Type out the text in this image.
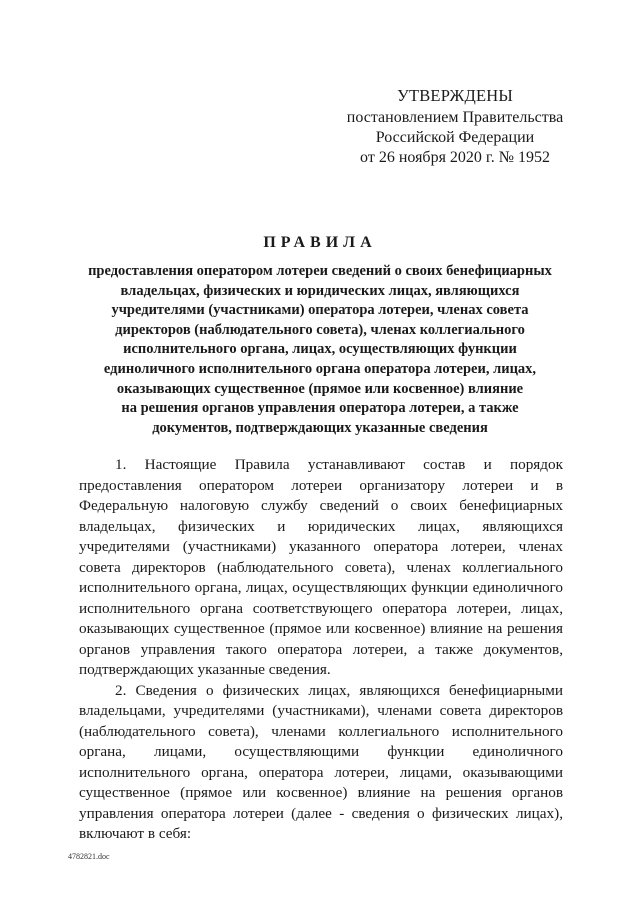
УТВЕРЖДЕНЫ
постановлением Правительства
Российской Федерации
от 26 ноября 2020 г. № 1952
ПРАВИЛА
предоставления оператором лотереи сведений о своих бенефициарных
владельцах, физических и юридических лицах, являющихся
учредителями (участниками) оператора лотереи, членах совета
директоров (наблюдательного совета), членах коллегиального
исполнительного органа, лицах, осуществляющих функции
единоличного исполнительного органа оператора лотереи, лицах,
оказывающих существенное (прямое или косвенное) влияние
на решения органов управления оператора лотереи, а также
документов, подтверждающих указанные сведения

1. Настоящие Правила устанавливают состав и порядок предоставления оператором лотереи организатору лотереи и в Федеральную налоговую службу сведений о своих бенефициарных владельцах, физических и юридических лицах, являющихся учредителями (участниками) указанного оператора лотереи, членах совета директоров (наблюдательного совета), членах коллегиального исполнительного органа, лицах, осуществляющих функции единоличного исполнительного органа соответствующего оператора лотереи, лицах, оказывающих существенное (прямое или косвенное) влияние на решения органов управления такого оператора лотереи, а также документов, подтверждающих указанные сведения.

2. Сведения о физических лицах, являющихся бенефициарными владельцами, учредителями (участниками), членами совета директоров (наблюдательного совета), членами коллегиального исполнительного органа, лицами, осуществляющими функции единоличного исполнительного органа, оператора лотереи, лицами, оказывающими существенное (прямое или косвенное) влияние на решения органов управления оператора лотереи (далее - сведения о физических лицах), включают в себя:

4782821.doc
